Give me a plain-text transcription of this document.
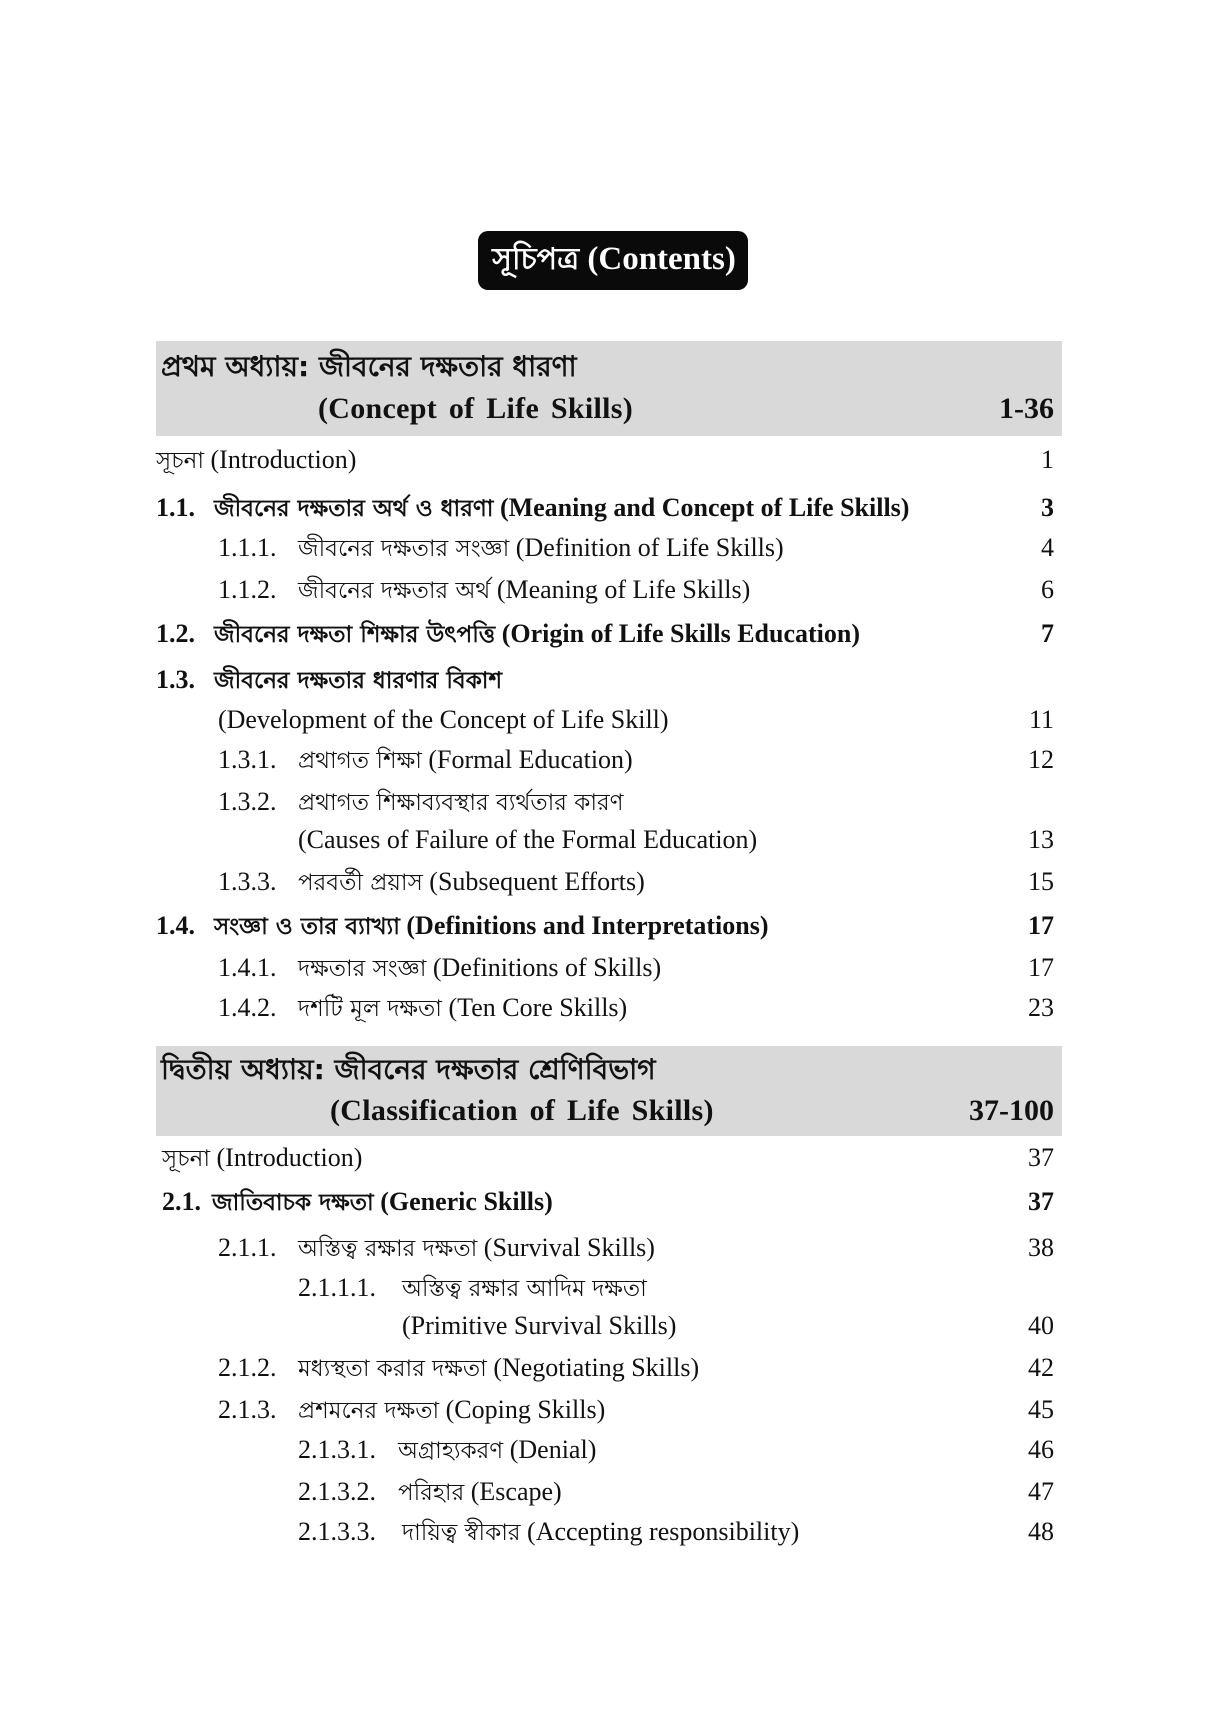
সূচিপত্র (Contents)
প্রথম অধ্যায়: জীবনের দক্ষতার ধারণা
(Concept of Life Skills)	1-36
সূচনা (Introduction)	1
1.1. জীবনের দক্ষতার অর্থ ও ধারণা (Meaning and Concept of Life Skills)	3
1.1.1. জীবনের দক্ষতার সংজ্ঞা (Definition of Life Skills)	4
1.1.2. জীবনের দক্ষতার অর্থ (Meaning of Life Skills)	6
1.2. জীবনের দক্ষতা শিক্ষার উৎপত্তি (Origin of Life Skills Education)	7
1.3. জীবনের দক্ষতার ধারণার বিকাশ
(Development of the Concept of Life Skill)	11
1.3.1. প্রথাগত শিক্ষা (Formal Education)	12
1.3.2. প্রথাগত শিক্ষাব্যবস্থার ব্যর্থতার কারণ
(Causes of Failure of the Formal Education)	13
1.3.3. পরবর্তী প্রয়াস (Subsequent Efforts)	15
1.4. সংজ্ঞা ও তার ব্যাখ্যা (Definitions and Interpretations)	17
1.4.1. দক্ষতার সংজ্ঞা (Definitions of Skills)	17
1.4.2. দশটি মূল দক্ষতা (Ten Core Skills)	23
দ্বিতীয় অধ্যায়: জীবনের দক্ষতার শ্রেণিবিভাগ
(Classification of Life Skills)	37-100
সূচনা (Introduction)	37
2.1. জাতিবাচক দক্ষতা (Generic Skills)	37
2.1.1. অস্তিত্ব রক্ষার দক্ষতা (Survival Skills)	38
2.1.1.1. অস্তিত্ব রক্ষার আদিম দক্ষতা
(Primitive Survival Skills)	40
2.1.2. মধ্যস্থতা করার দক্ষতা (Negotiating Skills)	42
2.1.3. প্রশমনের দক্ষতা (Coping Skills)	45
2.1.3.1. অগ্রাহ্যকরণ (Denial)	46
2.1.3.2. পরিহার (Escape)	47
2.1.3.3. দায়িত্ব স্বীকার (Accepting responsibility)	48
